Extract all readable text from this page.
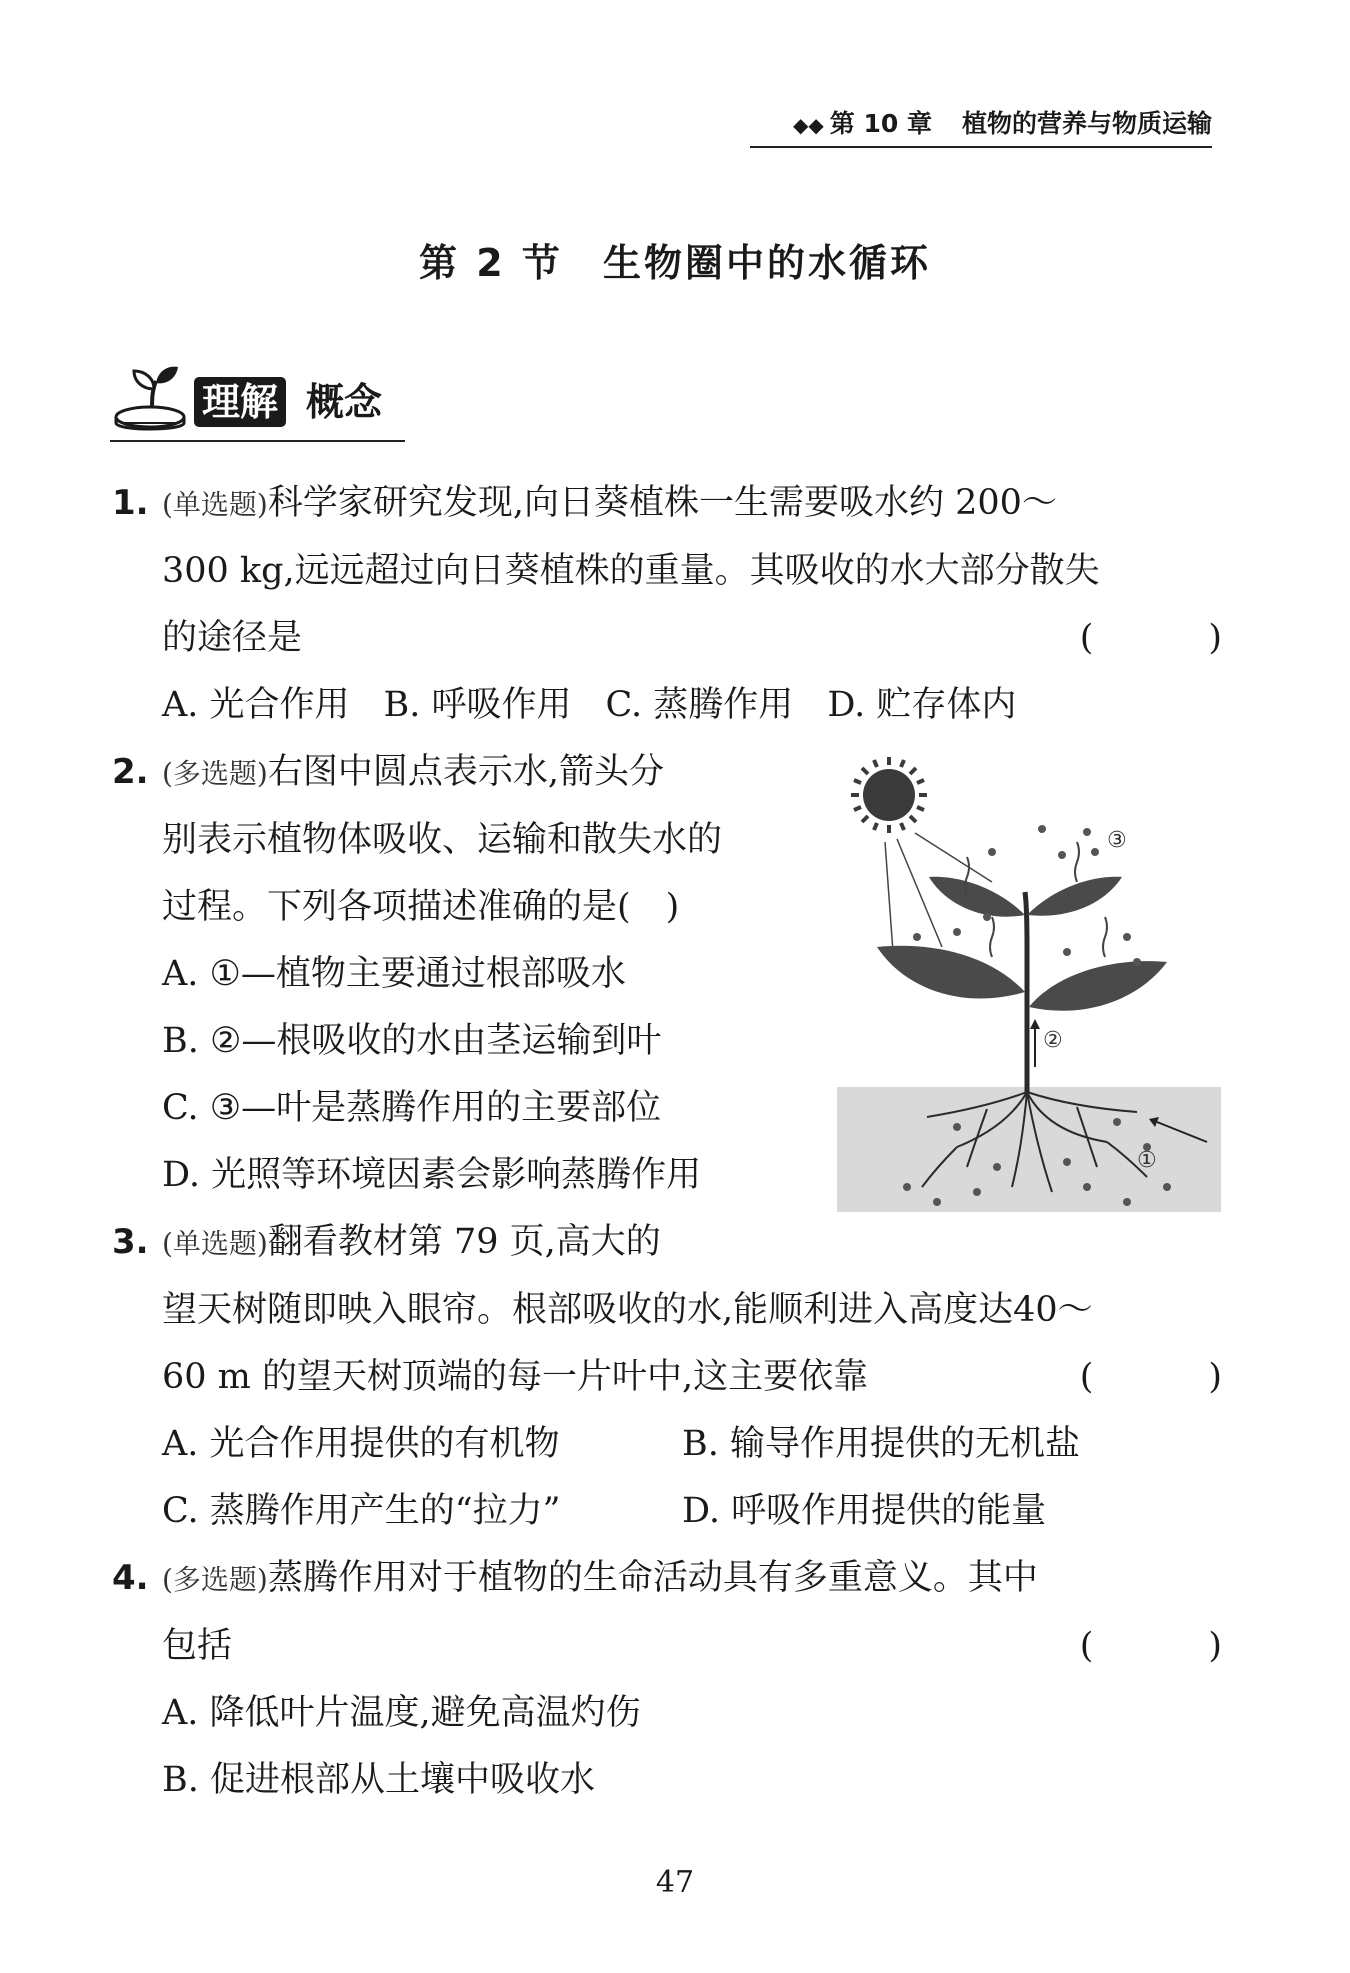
◆◆ 第 10 章 植物的营养与物质运输
第 2 节 生物圈中的水循环
理解 概念
1. (单选题)科学家研究发现,向日葵植株一生需要吸水约 200～
300 kg,远远超过向日葵植株的重量。其吸收的水大部分散失
的途径是	(　)
A. 光合作用 B. 呼吸作用 C. 蒸腾作用 D. 贮存体内
2. (多选题)右图中圆点表示水,箭头分
别表示植物体吸收、运输和散失水的
过程。下列各项描述准确的是(　)
A. ①—植物主要通过根部吸水
B. ②—根吸收的水由茎运输到叶
C. ③—叶是蒸腾作用的主要部位
D. 光照等环境因素会影响蒸腾作用
③
②
①
3. (单选题)翻看教材第 79 页,高大的
望天树随即映入眼帘。根部吸收的水,能顺利进入高度达40～
60 m 的望天树顶端的每一片叶中,这主要依靠	(　)
A. 光合作用提供的有机物	B. 输导作用提供的无机盐
C. 蒸腾作用产生的“拉力”	D. 呼吸作用提供的能量
4. (多选题)蒸腾作用对于植物的生命活动具有多重意义。其中
包括	(　)
A. 降低叶片温度,避免高温灼伤
B. 促进根部从土壤中吸收水
47
